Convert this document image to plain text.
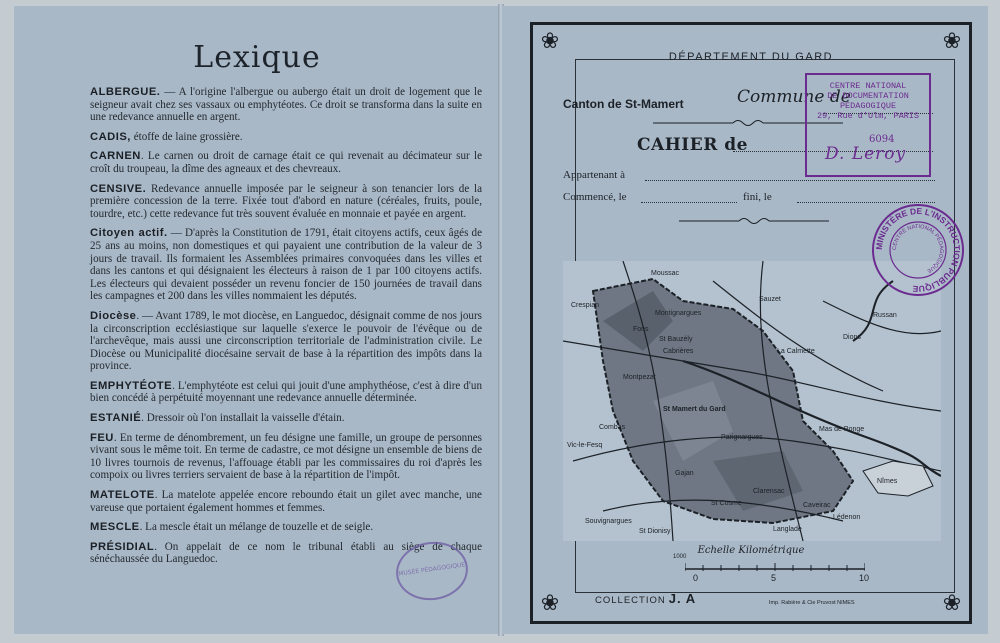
Lexique

ALBERGUE. — A l'origine l'albergue ou aubergo était un droit de logement que le seigneur avait chez ses vassaux ou emphytéotes. Ce droit se transforma dans la suite en une redevance annuelle en argent.

CADIS, étoffe de laine grossière.

CARNEN. Le carnen ou droit de carnage était ce qui revenait au décimateur sur le croît du troupeau, la dîme des agneaux et des chevreaux.

CENSIVE. Redevance annuelle imposée par le seigneur à son tenancier lors de la première concession de la terre. Fixée tout d'abord en nature (céréales, fruits, poule, tourdre, etc.) cette redevance fut très souvent évaluée en monnaie et payée en argent.

Citoyen actif. — D'après la Constitution de 1791, était citoyens actifs, ceux âgés de 25 ans au moins, non domestiques et qui payaient une contribution de la valeur de 3 jours de travail. Ils formaient les Assemblées primaires convoquées dans les villes et dans les cantons et qui désignaient les électeurs à raison de 1 par 100 citoyens actifs. Les électeurs qui devaient posséder un revenu foncier de 150 journées de travail dans les campagnes et 200 dans les villes nommaient les députés.

Diocèse. — Avant 1789, le mot diocèse, en Languedoc, désignait comme de nos jours la circonscription ecclésiastique sur laquelle s'exerce le pouvoir de l'évêque ou de l'archevêque, mais aussi une circonscription territoriale de l'administration civile. Le Diocèse ou Municipalité diocésaine servait de base à la répartition des impôts dans la province.

EMPHYTÉOTE. L'emphytéote est celui qui jouit d'une amphythéose, c'est à dire d'un bien concédé à perpétuité moyennant une redevance annuelle déterminée.

ESTANIÉ. Dressoir où l'on installait la vaisselle d'étain.

FEU. En terme de dénombrement, un feu désigne une famille, un groupe de personnes vivant sous le même toit. En terme de cadastre, ce mot désigne un ensemble de biens de 10 livres tournois de revenus, l'affouage établi par les commissaires du roi d'après les compoix ou livres terriers servaient de base à la répartition de l'impôt.

MATELOTE. La matelote appelée encore reboundo était un gilet avec manche, une vareuse que portaient également hommes et femmes.

MESCLE. La mescle était un mélange de touzelle et de seigle.

PRÉSIDIAL. On appelait de ce nom le tribunal établi au siège de chaque sénéchaussée du Languedoc.

MUSÉE PÉDAGOGIQUE
❀	❀
❀	❀
DÉPARTEMENT DU GARD
Canton de St-Mamert	Commune de
CAHIER de
Appartenant à
Commencé, le	fini, le
Moussac
Montignargues
Fons
Cabrières
Parignargues
Souvignargues
Combas
Montpezat
Gajan
St Mamert du Gard
Dions
Russan
Mas de Ponge
Nîmes
St Cosme
Clarensac
Langlade
St Dionisy
Caveirac
Crespian
St Bauzély
Sauzet
La Calmette
Lédenon
Vic-le-Fesq
Echelle Kilométrique
1000
0	5	10
COLLECTION J. A	Imp. Rabière & Cie Pruvost NIMES
CENTRE NATIONAL
DE DOCUMENTATION
PÉDAGOGIQUE
29, Rue d'Ulm, PARIS
6094
D. Leroy
MINISTÈRE DE L'INSTRUCTION PUBLIQUE
CENTRE NATIONAL PÉDAGOGIQUE
